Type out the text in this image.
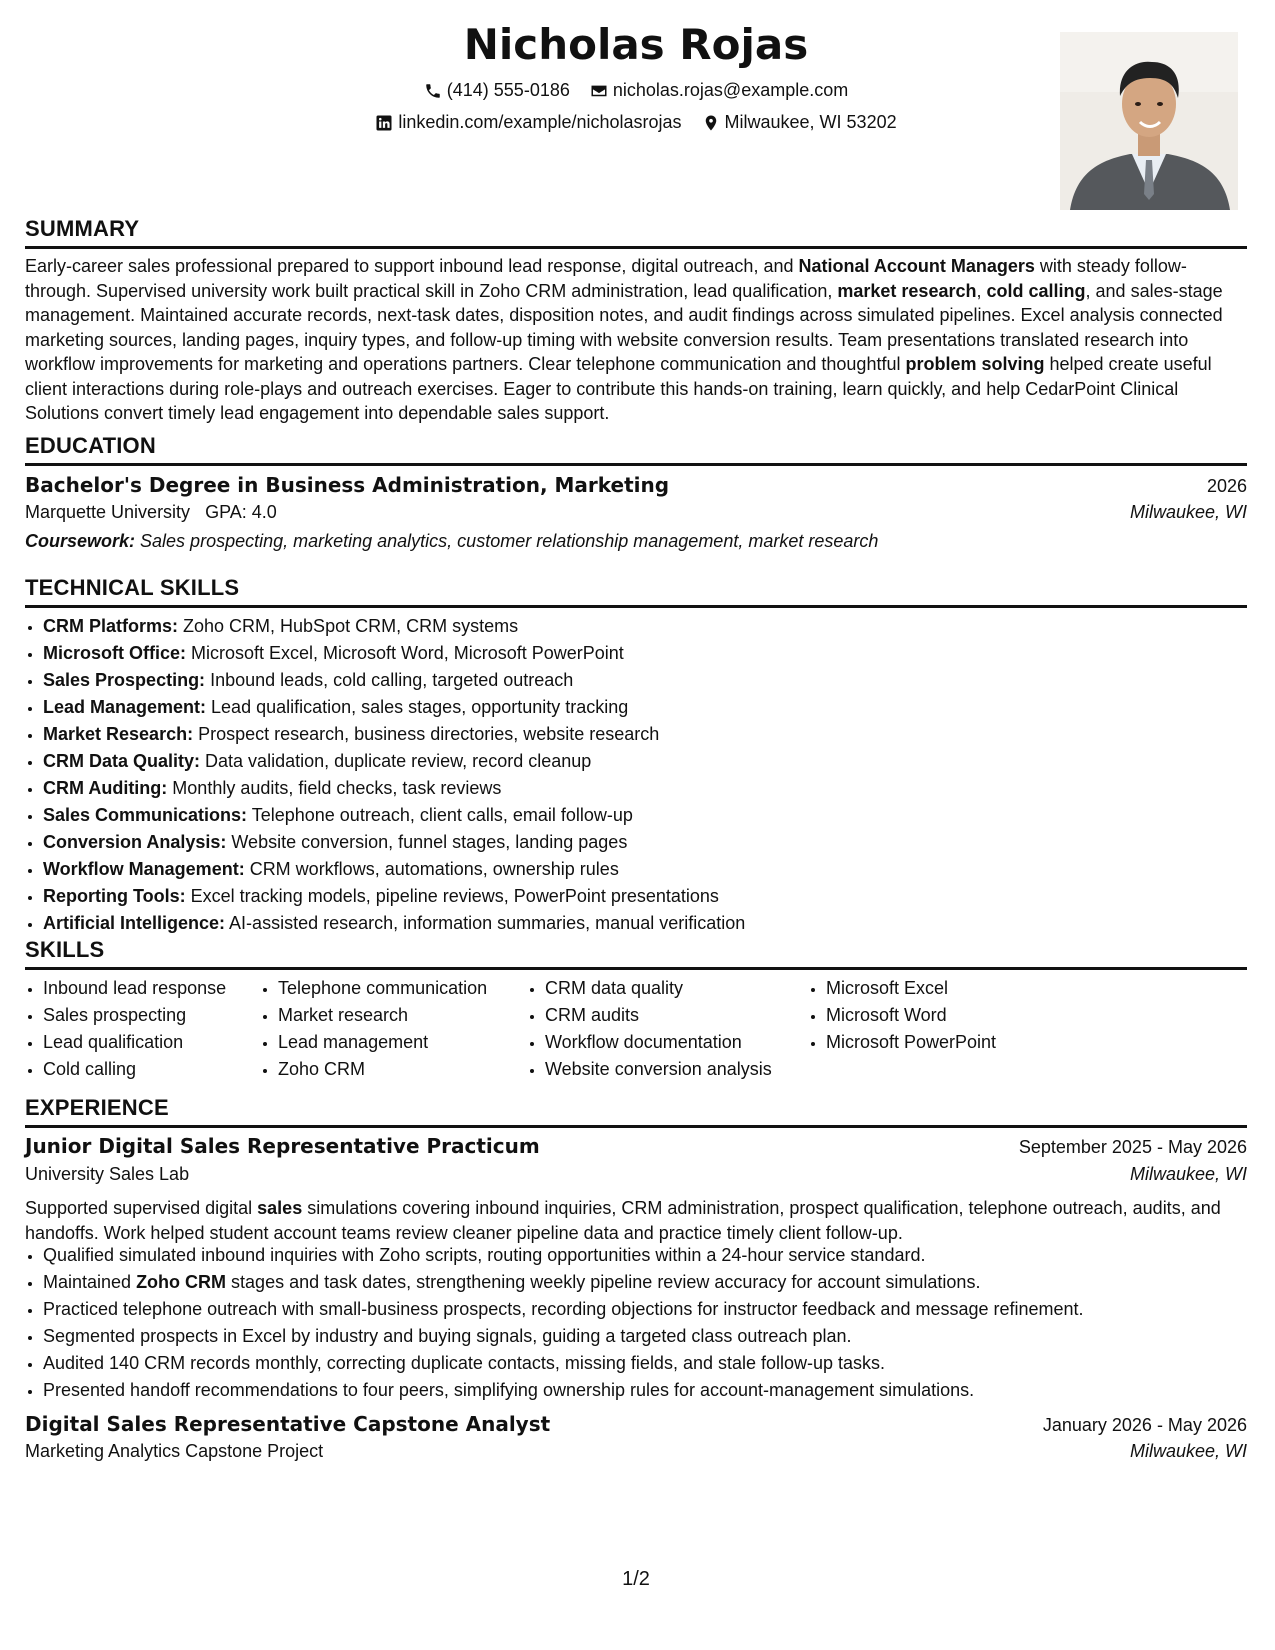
Nicholas Rojas
(414) 555-0186 nicholas.rojas@example.com
linkedin.com/example/nicholasrojas Milwaukee, WI 53202
SUMMARY
Early-career sales professional prepared to support inbound lead response, digital outreach, and National Account Managers with steady follow-through. Supervised university work built practical skill in Zoho CRM administration, lead qualification, market research, cold calling, and sales-stage management. Maintained accurate records, next-task dates, disposition notes, and audit findings across simulated pipelines. Excel analysis connected marketing sources, landing pages, inquiry types, and follow-up timing with website conversion results. Team presentations translated research into workflow improvements for marketing and operations partners. Clear telephone communication and thoughtful problem solving helped create useful client interactions during role-plays and outreach exercises. Eager to contribute this hands-on training, learn quickly, and help CedarPoint Clinical Solutions convert timely lead engagement into dependable sales support.
EDUCATION
Bachelor's Degree in Business Administration, Marketing	2026
Marquette University GPA: 4.0	Milwaukee, WI
Coursework: Sales prospecting, marketing analytics, customer relationship management, market research
TECHNICAL SKILLS
• CRM Platforms: Zoho CRM, HubSpot CRM, CRM systems
• Microsoft Office: Microsoft Excel, Microsoft Word, Microsoft PowerPoint
• Sales Prospecting: Inbound leads, cold calling, targeted outreach
• Lead Management: Lead qualification, sales stages, opportunity tracking
• Market Research: Prospect research, business directories, website research
• CRM Data Quality: Data validation, duplicate review, record cleanup
• CRM Auditing: Monthly audits, field checks, task reviews
• Sales Communications: Telephone outreach, client calls, email follow-up
• Conversion Analysis: Website conversion, funnel stages, landing pages
• Workflow Management: CRM workflows, automations, ownership rules
• Reporting Tools: Excel tracking models, pipeline reviews, PowerPoint presentations
• Artificial Intelligence: AI-assisted research, information summaries, manual verification
SKILLS
• Inbound lead response
• Sales prospecting
• Lead qualification
• Cold calling
• Telephone communication
• Market research
• Lead management
• Zoho CRM
• CRM data quality
• CRM audits
• Workflow documentation
• Website conversion analysis
• Microsoft Excel
• Microsoft Word
• Microsoft PowerPoint
EXPERIENCE
Junior Digital Sales Representative Practicum	September 2025 - May 2026
University Sales Lab	Milwaukee, WI
Supported supervised digital sales simulations covering inbound inquiries, CRM administration, prospect qualification, telephone outreach, audits, and handoffs. Work helped student account teams review cleaner pipeline data and practice timely client follow-up.
• Qualified simulated inbound inquiries with Zoho scripts, routing opportunities within a 24-hour service standard.
• Maintained Zoho CRM stages and task dates, strengthening weekly pipeline review accuracy for account simulations.
• Practiced telephone outreach with small-business prospects, recording objections for instructor feedback and message refinement.
• Segmented prospects in Excel by industry and buying signals, guiding a targeted class outreach plan.
• Audited 140 CRM records monthly, correcting duplicate contacts, missing fields, and stale follow-up tasks.
• Presented handoff recommendations to four peers, simplifying ownership rules for account-management simulations.
Digital Sales Representative Capstone Analyst	January 2026 - May 2026
Marketing Analytics Capstone Project	Milwaukee, WI
1/2
